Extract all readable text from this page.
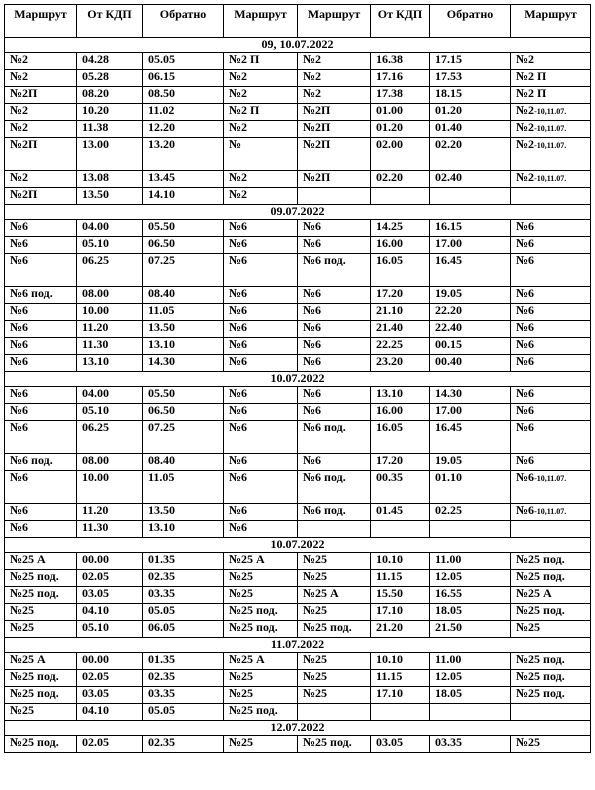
Маршрут	От КДП	Обратно	Маршрут	Маршрут	От КДП	Обратно	Маршрут
09, 10.07.2022							
№2	04.28	05.05	№2 П	№2	16.38	17.15	№2
№2	05.28	06.15	№2	№2	17.16	17.53	№2 П
№2П	08.20	08.50	№2	№2	17.38	18.15	№2 П
№2	10.20	11.02	№2 П	№2П	01.00	01.20	№2-10,11.07.
№2	11.38	12.20	№2	№2П	01.20	01.40	№2-10,11.07.
№2П	13.00	13.20	№	№2П	02.00	02.20	№2-10,11.07.
№2	13.08	13.45	№2	№2П	02.20	02.40	№2-10,11.07.
№2П	13.50	14.10	№2				
09.07.2022							
№6	04.00	05.50	№6	№6	14.25	16.15	№6
№6	05.10	06.50	№6	№6	16.00	17.00	№6
№6	06.25	07.25	№6	№6 под.	16.05	16.45	№6
№6 под.	08.00	08.40	№6	№6	17.20	19.05	№6
№6	10.00	11.05	№6	№6	21.10	22.20	№6
№6	11.20	13.50	№6	№6	21.40	22.40	№6
№6	11.30	13.10	№6	№6	22.25	00.15	№6
№6	13.10	14.30	№6	№6	23.20	00.40	№6
10.07.2022							
№6	04.00	05.50	№6	№6	13.10	14.30	№6
№6	05.10	06.50	№6	№6	16.00	17.00	№6
№6	06.25	07.25	№6	№6 под.	16.05	16.45	№6
№6 под.	08.00	08.40	№6	№6	17.20	19.05	№6
№6	10.00	11.05	№6	№6 под.	00.35	01.10	№6-10,11.07.
№6	11.20	13.50	№6	№6 под.	01.45	02.25	№6-10,11.07.
№6	11.30	13.10	№6				
10.07.2022							
№25 А	00.00	01.35	№25 А	№25	10.10	11.00	№25 под.
№25 под.	02.05	02.35	№25	№25	11.15	12.05	№25 под.
№25 под.	03.05	03.35	№25	№25 А	15.50	16.55	№25 А
№25	04.10	05.05	№25 под.	№25	17.10	18.05	№25 под.
№25	05.10	06.05	№25 под.	№25 под.	21.20	21.50	№25
11.07.2022							
№25 А	00.00	01.35	№25 А	№25	10.10	11.00	№25 под.
№25 под.	02.05	02.35	№25	№25	11.15	12.05	№25 под.
№25 под.	03.05	03.35	№25	№25	17.10	18.05	№25 под.
№25	04.10	05.05	№25 под.				
12.07.2022							
№25 под.	02.05	02.35	№25	№25 под.	03.05	03.35	№25
